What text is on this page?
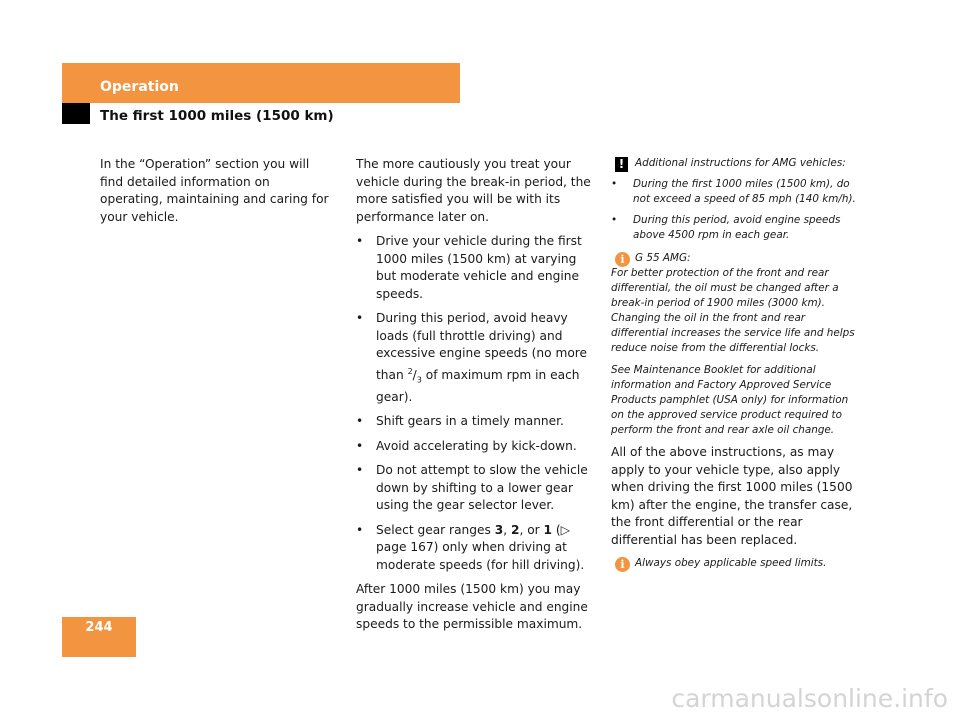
Operation
The first 1000 miles (1500 km)

In the “Operation” section you will find detailed information on operating, maintaining and caring for your vehicle.

The more cautiously you treat your vehicle during the break-in period, the more satisfied you will be with its performance later on.

• Drive your vehicle during the first 1000 miles (1500 km) at varying but moderate vehicle and engine speeds.
• During this period, avoid heavy loads (full throttle driving) and excessive engine speeds (no more than $^2/_3$ of maximum rpm in each gear).
• Shift gears in a timely manner.
• Avoid accelerating by kick-down.
• Do not attempt to slow the vehicle down by shifting to a lower gear using the gear selector lever.
• Select gear ranges 3, 2, or 1 (▷ page 167) only when driving at moderate speeds (for hill driving).

After 1000 miles (1500 km) you may gradually increase vehicle and engine speeds to the permissible maximum.

!	Additional instructions for AMG vehicles:
• During the first 1000 miles (1500 km), do not exceed a speed of 85 mph (140 km/h).
• During this period, avoid engine speeds above 4500 rpm in each gear.
i	G 55 AMG:
For better protection of the front and rear differential, the oil must be changed after a break-in period of 1900 miles (3000 km).
Changing the oil in the front and rear differential increases the service life and helps reduce noise from the differential locks.
See Maintenance Booklet for additional information and Factory Approved Service Products pamphlet (USA only) for information on the approved service product required to perform the front and rear axle oil change.

All of the above instructions, as may apply to your vehicle type, also apply when driving the first 1000 miles (1500 km) after the engine, the transfer case, the front differential or the rear differential has been replaced.

i	Always obey applicable speed limits.
244
carmanualsonline.info
